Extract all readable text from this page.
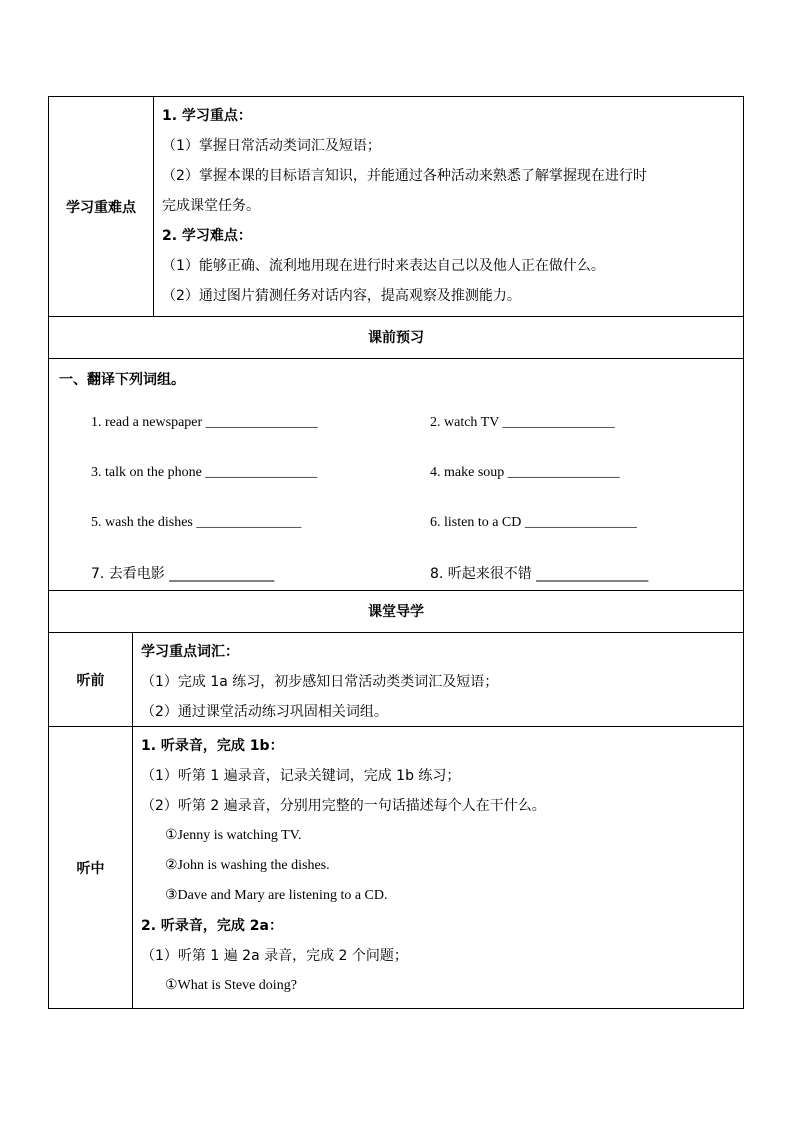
学习重难点
1. 学习重点：
（1）掌握日常活动类词汇及短语；
（2）掌握本课的目标语言知识，并能通过各种活动来熟悉了解掌握现在进行时
完成课堂任务。
2. 学习难点：
（1）能够正确、流利地用现在进行时来表达自己以及他人正在做什么。
（2）通过图片猜测任务对话内容，提高观察及推测能力。
课前预习
一、翻译下列词组。
1. read a newspaper ________________	2. watch TV ________________
3. talk on the phone ________________	4. make soup ________________
5. wash the dishes _______________	6. listen to a CD ________________
7. 去看电影 _______________	8. 听起来很不错 ________________
课堂导学
听前
学习重点词汇：
（1）完成 1a 练习，初步感知日常活动类类词汇及短语；
（2）通过课堂活动练习巩固相关词组。
听中
1. 听录音，完成 1b：
（1）听第 1 遍录音，记录关键词，完成 1b 练习；
（2）听第 2 遍录音，分别用完整的一句话描述每个人在干什么。
①Jenny is watching TV.
②John is washing the dishes.
③Dave and Mary are listening to a CD.
2. 听录音，完成 2a：
（1）听第 1 遍 2a 录音，完成 2 个问题；
①What is Steve doing?
